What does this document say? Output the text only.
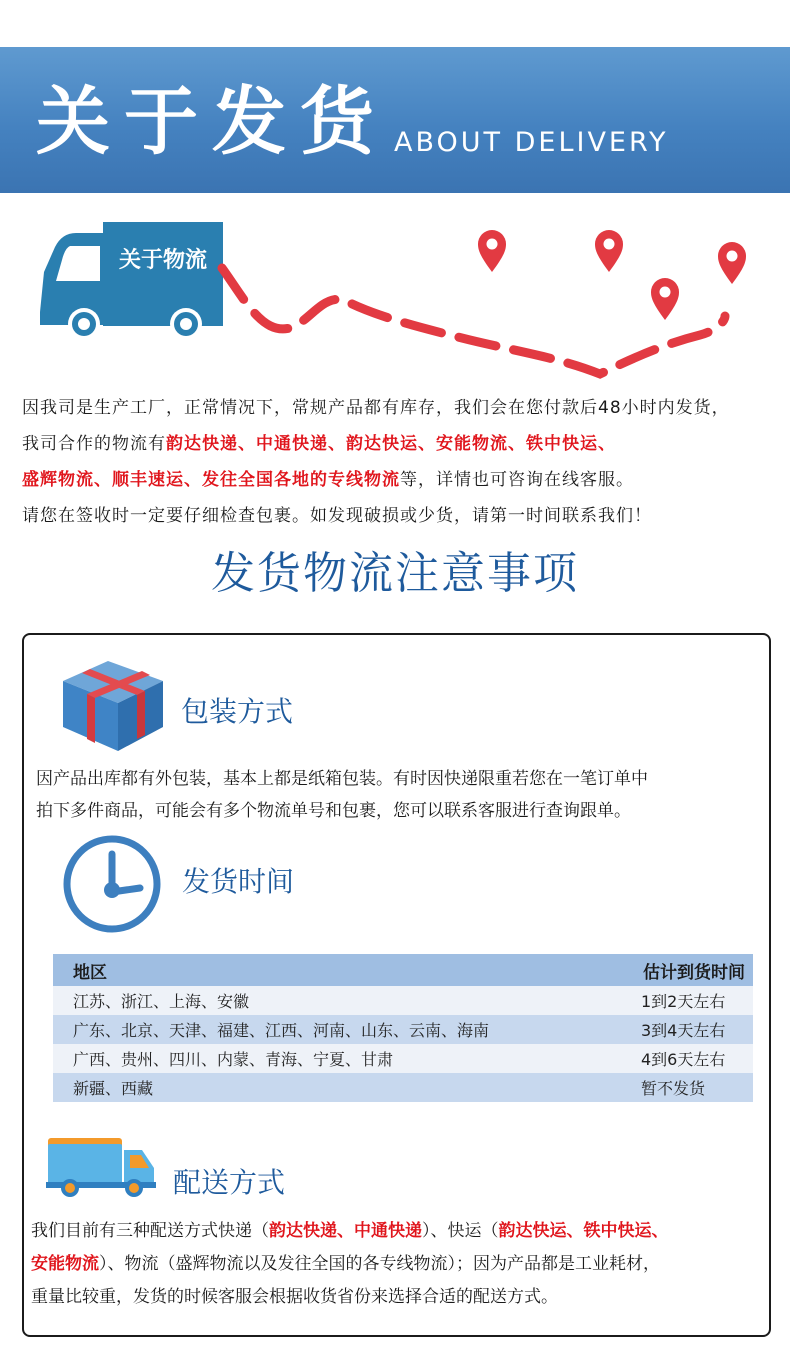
关于发货 ABOUT DELIVERY
关于物流

因我司是生产工厂，正常情况下，常规产品都有库存，我们会在您付款后48小时内发货，

我司合作的物流有韵达快递、中通快递、韵达快运、安能物流、铁中快运、

盛辉物流、顺丰速运、发往全国各地的专线物流等，详情也可咨询在线客服。

请您在签收时一定要仔细检查包裹。如发现破损或少货，请第一时间联系我们！

发货物流注意事项
包装方式
因产品出库都有外包装，基本上都是纸箱包装。有时因快递限重若您在一笔订单中
拍下多件商品，可能会有多个物流单号和包裹，您可以联系客服进行查询跟单。
发货时间
地区	估计到货时间
江苏、浙江、上海、安徽	1到2天左右
广东、北京、天津、福建、江西、河南、山东、云南、海南	3到4天左右
广西、贵州、四川、内蒙、青海、宁夏、甘肃	4到6天左右
新疆、西藏	暂不发货
配送方式
我们目前有三种配送方式快递（韵达快递、中通快递）、快运（韵达快运、铁中快运、
安能物流）、物流（盛辉物流以及发往全国的各专线物流）；因为产品都是工业耗材，
重量比较重，发货的时候客服会根据收货省份来选择合适的配送方式。
